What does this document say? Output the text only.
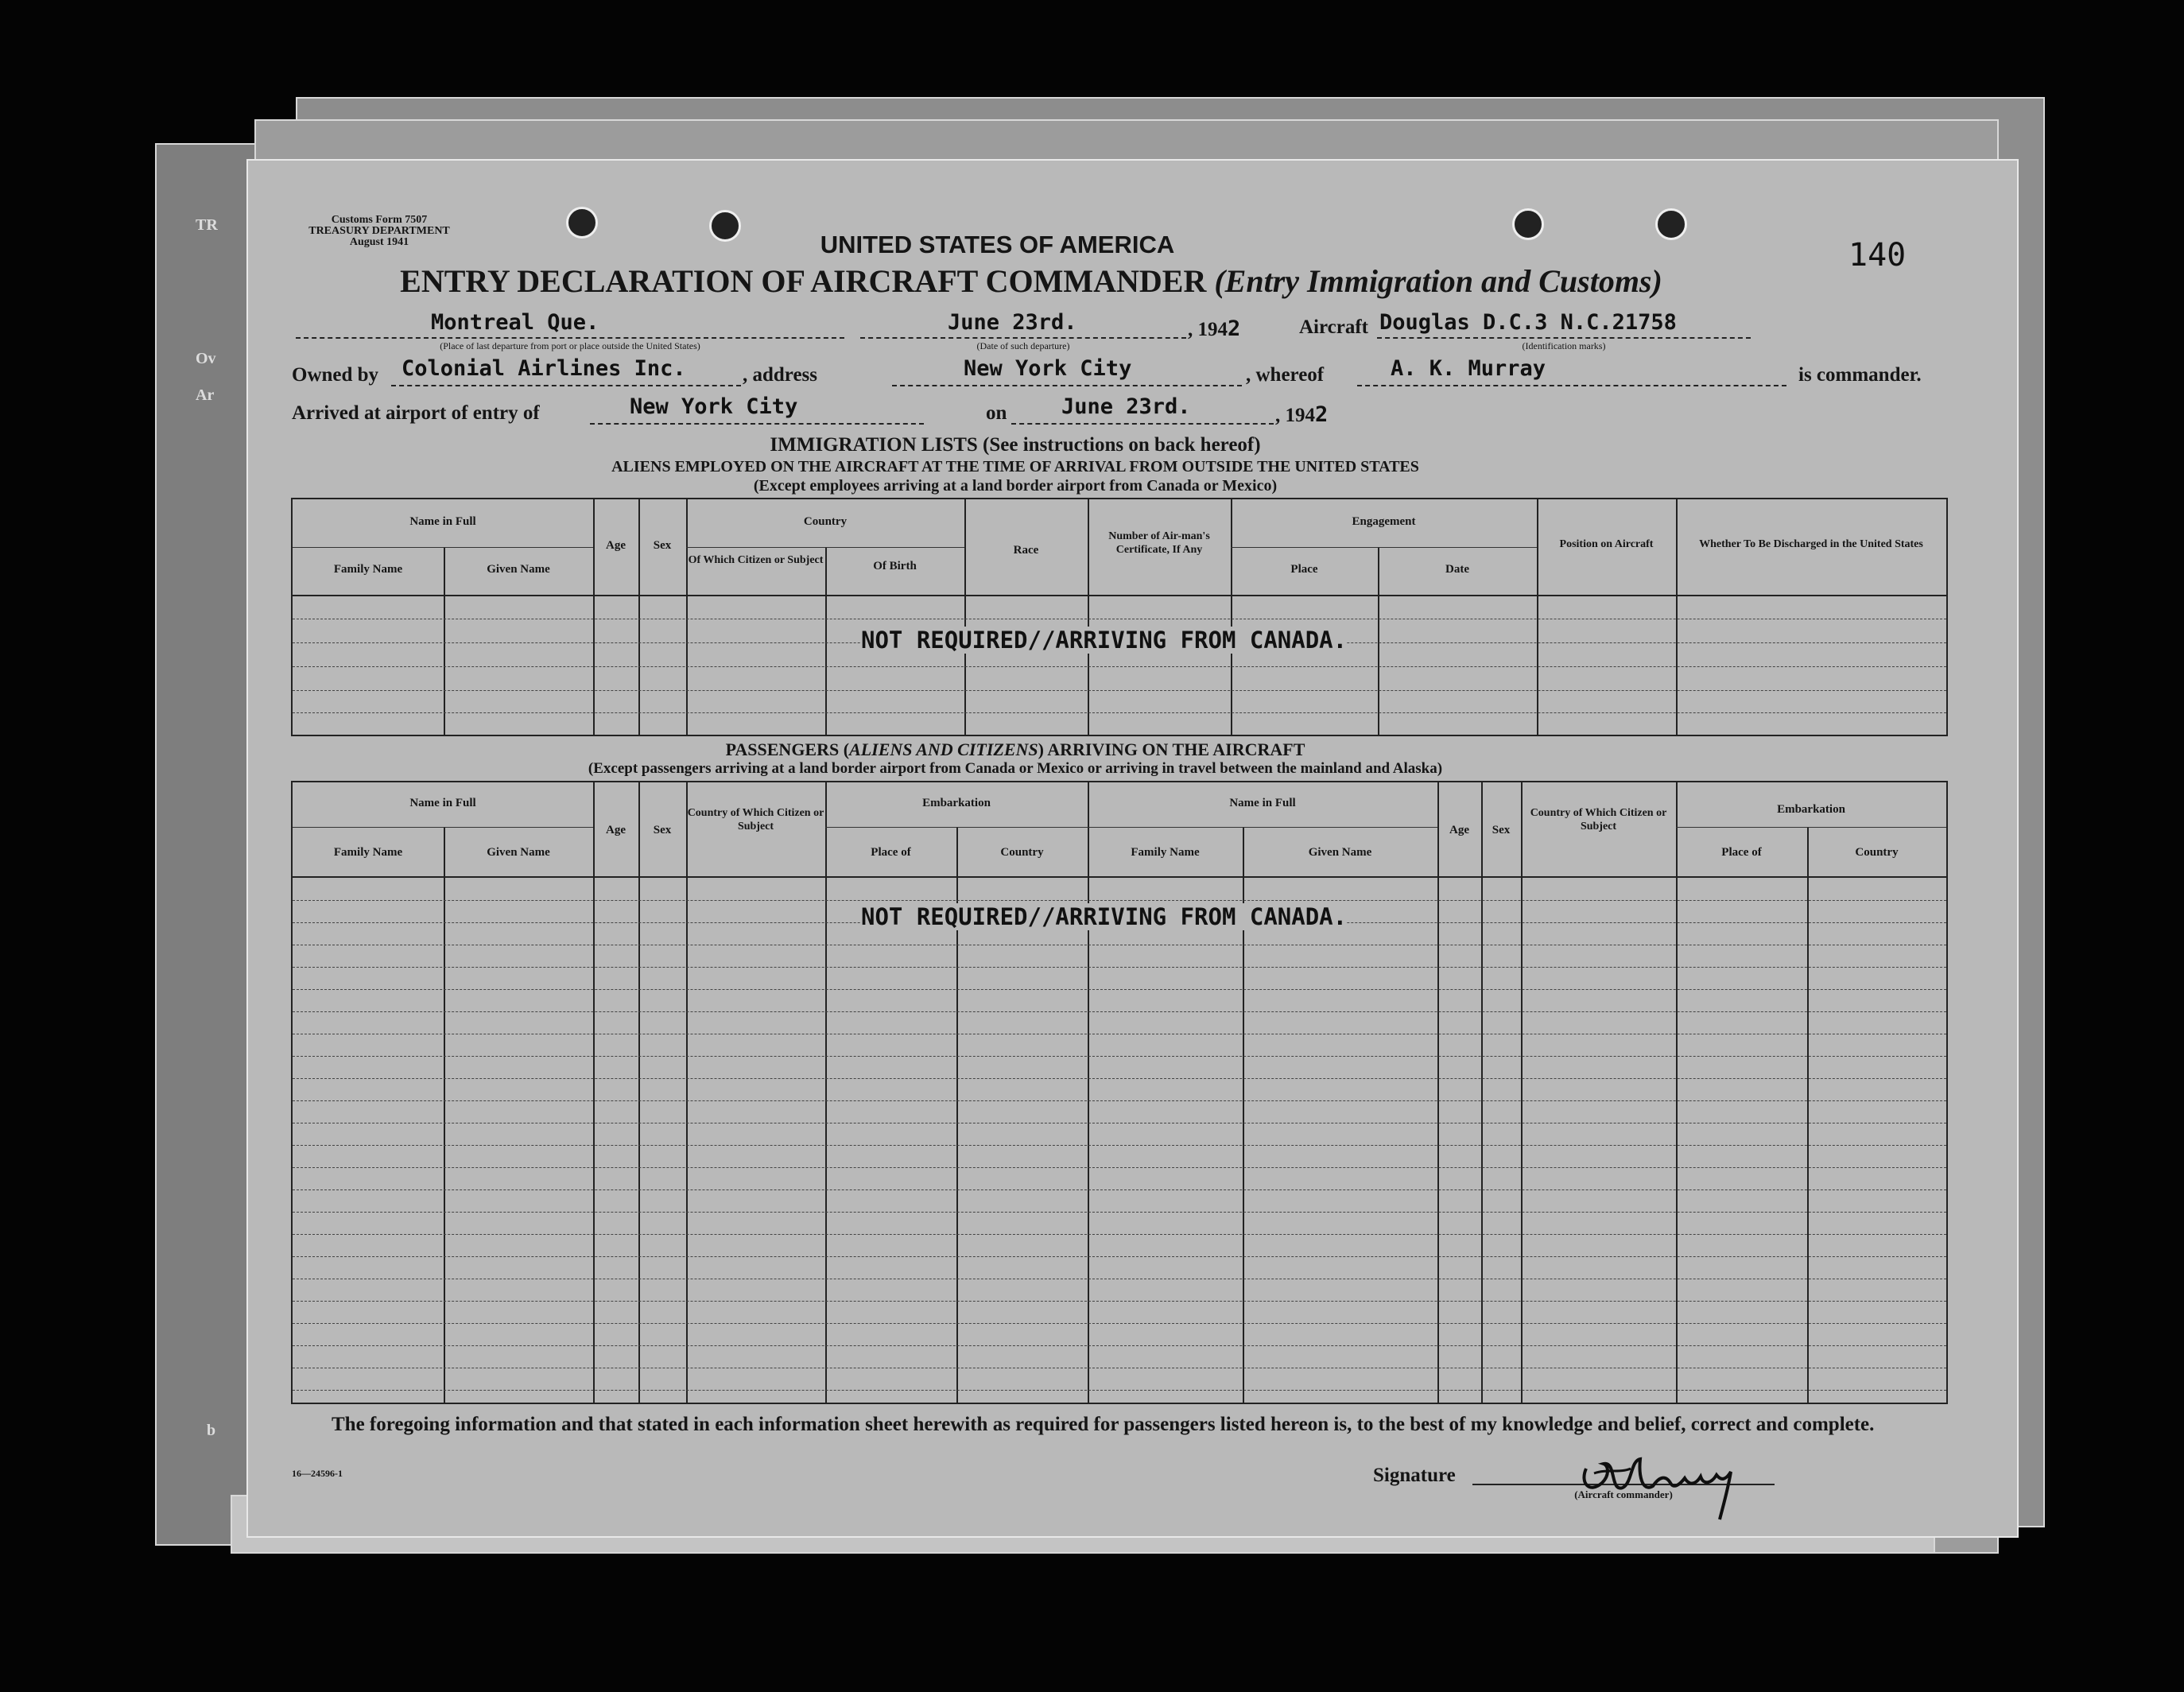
TR
Ov
Ar
b
Customs Form 7507
TREASURY DEPARTMENT
August 1941	140
UNITED STATES OF AMERICA
ENTRY DECLARATION OF AIRCRAFT COMMANDER (Entry Immigration and Customs)
Montreal Que.
(Place of last departure from port or place outside the United States)
June 23rd.
(Date of such departure)
, 1942	Aircraft Douglas D.C.3 N.C.21758
(Identification marks)
Owned by Colonial Airlines Inc.	, address	New York City	, whereof	A. K. Murray	is commander.
Arrived at airport of entry of	New York City	on	June 23rd.	, 1942
IMMIGRATION LISTS (See instructions on back hereof)
ALIENS EMPLOYED ON THE AIRCRAFT AT THE TIME OF ARRIVAL FROM OUTSIDE THE UNITED STATES
(Except employees arriving at a land border airport from Canada or Mexico)
Name in Full
Family Name	Given Name
Age	Sex
Country
Of Which Citizen or Subject	Of Birth
Race
Number of Air-man's Certificate, If Any
Engagement
Place	Date
Position on Aircraft	Whether To Be Discharged in the United States
NOT REQUIRED//ARRIVING FROM CANADA.
PASSENGERS (ALIENS AND CITIZENS) ARRIVING ON THE AIRCRAFT
(Except passengers arriving at a land border airport from Canada or Mexico or arriving in travel between the mainland and Alaska)
Name in Full
Family Name	Given Name
Age	Sex
Country of Which Citizen or Subject
Embarkation
Place of	Country
Name in Full
Family Name	Given Name
Age	Sex
Country of Which Citizen or Subject
Embarkation
Place of	Country
NOT REQUIRED//ARRIVING FROM CANADA.
The foregoing information and that stated in each information sheet herewith as required for passengers listed hereon is, to the best of my knowledge and belief, correct and complete.
16—24596-1	Signature
(Aircraft commander)
